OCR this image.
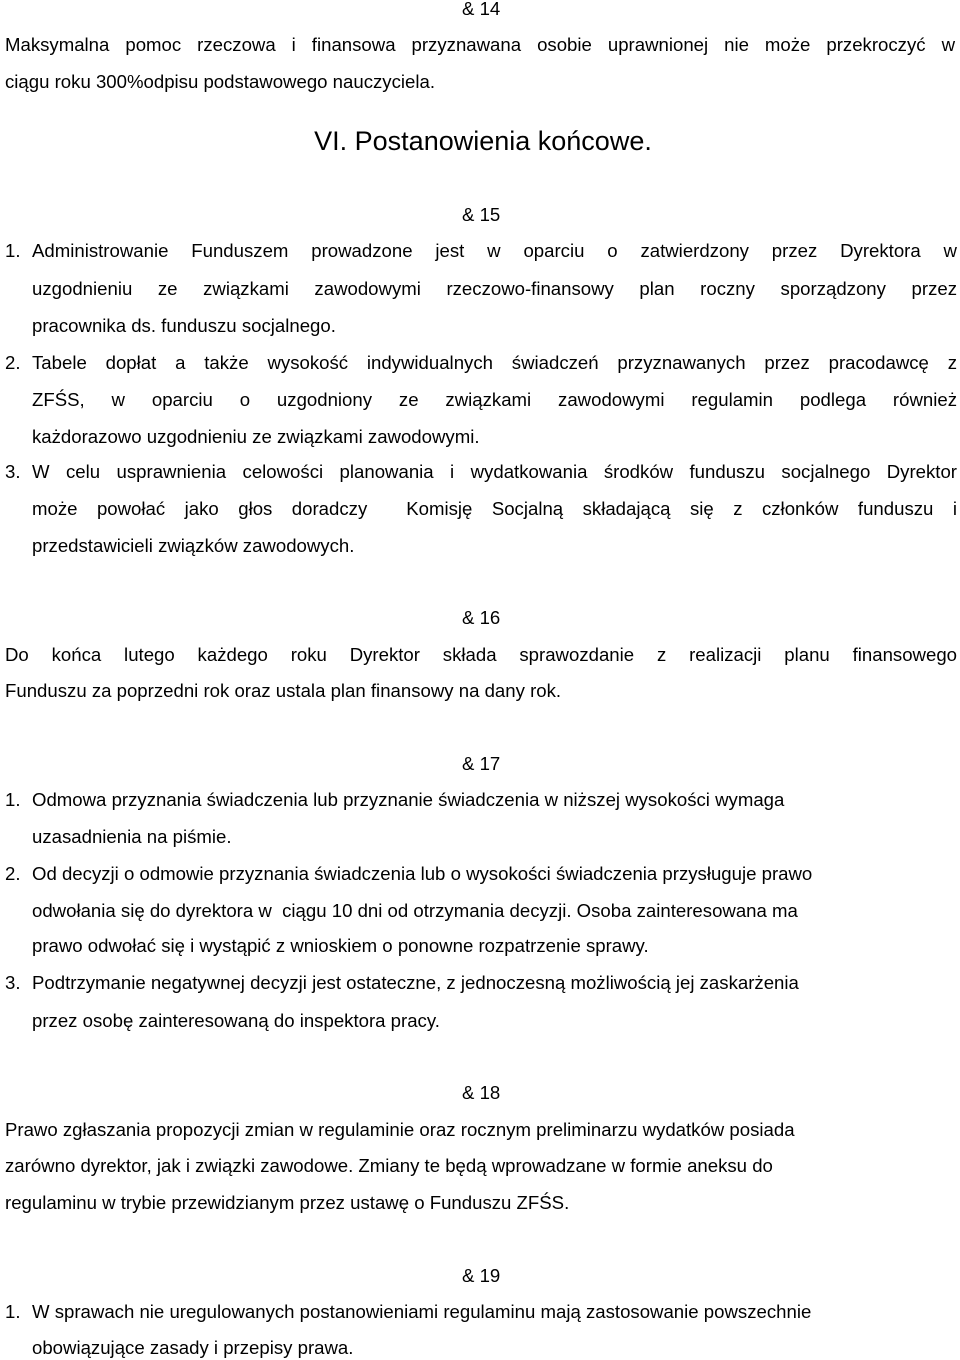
& 14
Maksymalna pomoc rzeczowa i finansowa przyznawana osobie uprawnionej nie może przekroczyć w
ciągu roku 300%odpisu podstawowego nauczyciela.
VI. Postanowienia końcowe.
& 15
1. Administrowanie Funduszem prowadzone jest w oparciu o zatwierdzony przez Dyrektora w
uzgodnieniu ze związkami zawodowymi rzeczowo-finansowy plan roczny sporządzony przez
pracownika ds. funduszu socjalnego.
2. Tabele dopłat a także wysokość indywidualnych świadczeń przyznawanych przez pracodawcę z
ZFŚS, w oparciu o uzgodniony ze związkami zawodowymi regulamin podlega również
każdorazowo uzgodnieniu ze związkami zawodowymi.
3. W celu usprawnienia celowości planowania i wydatkowania środków funduszu socjalnego Dyrektor
może powołać jako głos doradczy  Komisję Socjalną składającą się z członków funduszu i
przedstawicieli związków zawodowych.
& 16
Do końca lutego każdego roku Dyrektor składa sprawozdanie z realizacji planu finansowego
Funduszu za poprzedni rok oraz ustala plan finansowy na dany rok.
& 17
1. Odmowa przyznania świadczenia lub przyznanie świadczenia w niższej wysokości wymaga
uzasadnienia na piśmie.
2. Od decyzji o odmowie przyznania świadczenia lub o wysokości świadczenia przysługuje prawo
odwołania się do dyrektora w  ciągu 10 dni od otrzymania decyzji. Osoba zainteresowana ma
prawo odwołać się i wystąpić z wnioskiem o ponowne rozpatrzenie sprawy.
3. Podtrzymanie negatywnej decyzji jest ostateczne, z jednoczesną możliwością jej zaskarżenia
przez osobę zainteresowaną do inspektora pracy.
& 18
Prawo zgłaszania propozycji zmian w regulaminie oraz rocznym preliminarzu wydatków posiada
zarówno dyrektor, jak i związki zawodowe. Zmiany te będą wprowadzane w formie aneksu do
regulaminu w trybie przewidzianym przez ustawę o Funduszu ZFŚS.
& 19
1. W sprawach nie uregulowanych postanowieniami regulaminu mają zastosowanie powszechnie
obowiązujące zasady i przepisy prawa.
